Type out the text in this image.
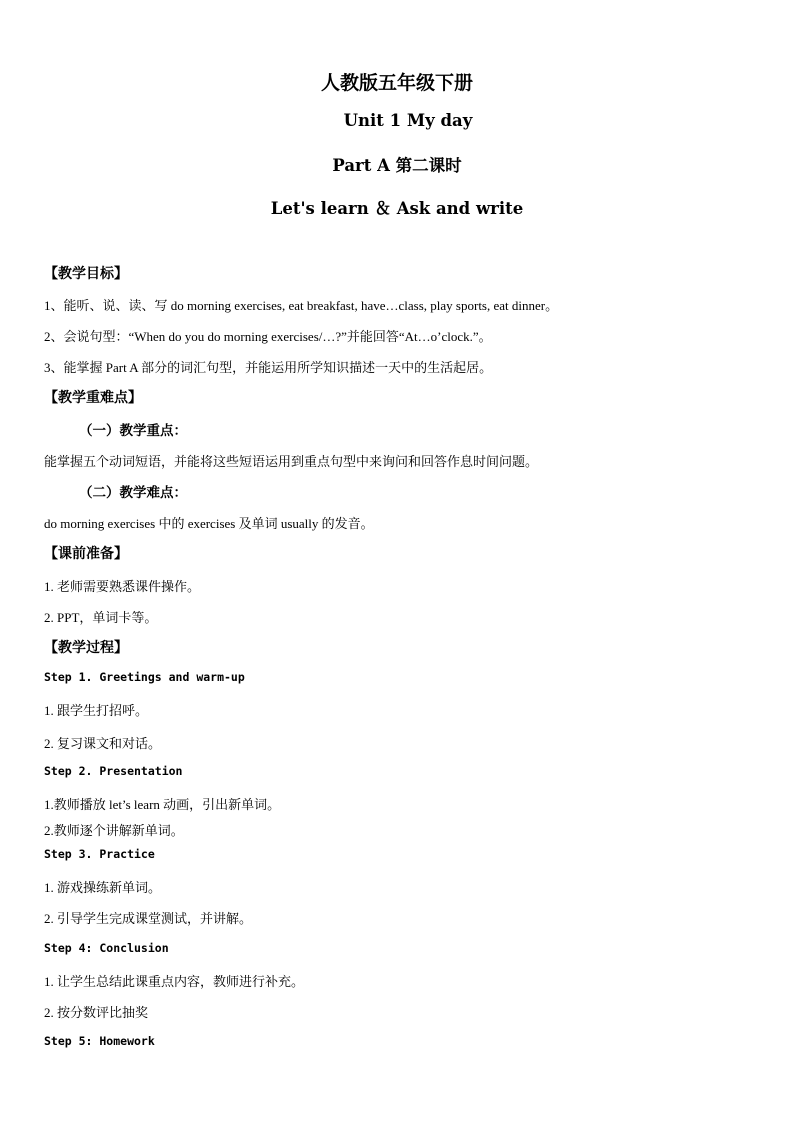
人教版五年级下册
Unit 1 My day
Part A 第二课时
Let's learn ＆ Ask and write
【教学目标】
1、能听、说、读、写 do morning exercises, eat breakfast, have…class, play sports, eat dinner。
2、会说句型：“When do you do morning exercises/…?”并能回答“At…o’clock.”。
3、能掌握 Part A 部分的词汇句型，并能运用所学知识描述一天中的生活起居。
【教学重难点】
（一）教学重点：
能掌握五个动词短语，并能将这些短语运用到重点句型中来询问和回答作息时间问题。
（二）教学难点：
do morning exercises 中的 exercises 及单词 usually 的发音。
【课前准备】
1. 老师需要熟悉课件操作。
2. PPT，单词卡等。
【教学过程】
Step 1. Greetings and warm-up
1. 跟学生打招呼。
2. 复习课文和对话。
Step 2. Presentation
1.教师播放 let’s learn 动画，引出新单词。
2.教师逐个讲解新单词。
Step 3. Practice
1. 游戏操练新单词。
2. 引导学生完成课堂测试，并讲解。
Step 4: Conclusion
1. 让学生总结此课重点内容，教师进行补充。
2. 按分数评比抽奖
Step 5: Homework
